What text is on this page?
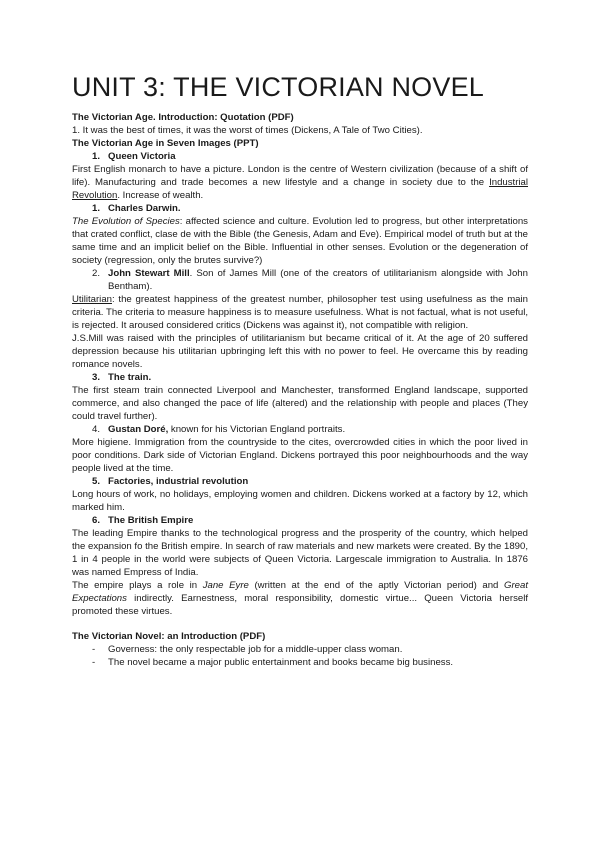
UNIT 3: THE VICTORIAN NOVEL

The Victorian Age. Introduction: Quotation (PDF)

1. It was the best of times, it was the worst of times (Dickens, A Tale of Two Cities).

The Victorian Age in Seven Images (PPT)

1. Queen Victoria

First English monarch to have a picture. London is the centre of Western civilization (because of a shift of life). Manufacturing and trade becomes a new lifestyle and a change in society due to the Industrial Revolution. Increase of wealth.

1. Charles Darwin.

The Evolution of Species: affected science and culture. Evolution led to progress, but other interpretations that crated conflict, clase de with the Bible (the Genesis, Adam and Eve). Empirical model of truth but at the same time and an implicit belief on the Bible. Influential in other senses. Evolution or the degeneration of society (regression, only the brutes survive?)

2. John Stewart Mill. Son of James Mill (one of the creators of utilitarianism alongside with John Bentham).

Utilitarian: the greatest happiness of the greatest number, philosopher test using usefulness as the main criteria. The criteria to measure happiness is to measure usefulness. What is not factual, what is not useful, is rejected. It aroused considered critics (Dickens was against it), not compatible with religion.

J.S.Mill was raised with the principles of utilitarianism but became critical of it. At the age of 20 suffered depression because his utilitarian upbringing left this with no power to feel. He overcame this by reading romance novels.

3. The train.

The first steam train connected Liverpool and Manchester, transformed England landscape, supported commerce, and also changed the pace of life (altered) and the relationship with people and places (They could travel further).

4. Gustan Doré, known for his Victorian England portraits.

More higiene. Immigration from the countryside to the cites, overcrowded cities in which the poor lived in poor conditions. Dark side of Victorian England. Dickens portrayed this poor neighbourhoods and the way people lived at the time.

5. Factories, industrial revolution

Long hours of work, no holidays, employing women and children. Dickens worked at a factory by 12, which marked him.

6. The British Empire

The leading Empire thanks to the technological progress and the prosperity of the country, which helped the expansion fo the British empire. In search of raw materials and new markets were created. By the 1890, 1 in 4 people in the world were subjects of Queen Victoria. Largescale immigration to Australia. In 1876 was named Empress of India.

The empire plays a role in Jane Eyre (written at the end of the aptly Victorian period) and Great Expectations indirectly. Earnestness, moral responsibility, domestic virtue... Queen Victoria herself promoted these virtues.

The Victorian Novel: an Introduction (PDF)

-	Governess: the only respectable job for a middle-upper class woman.
-	The novel became a major public entertainment and books became big business.
